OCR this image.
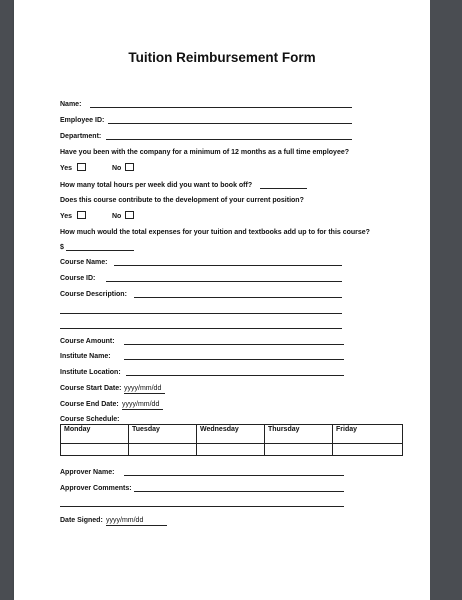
Tuition Reimbursement Form
Name:
Employee ID:
Department:
Have you been with the company for a minimum of 12 months as a full time employee?
Yes	No
How many total hours per week did you want to book off?
Does this course contribute to the development of your current position?
Yes	No
How much would the total expenses for your tuition and textbooks add up to for this course?
$
Course Name:
Course ID:
Course Description:
Course Amount:
Institute Name:
Institute Location:
Course Start Date: yyyy/mm/dd
Course End Date: yyyy/mm/dd
Course Schedule:
Monday	Tuesday	Wednesday	Thursday	Friday

Approver Name:
Approver Comments:
Date Signed: yyyy/mm/dd
